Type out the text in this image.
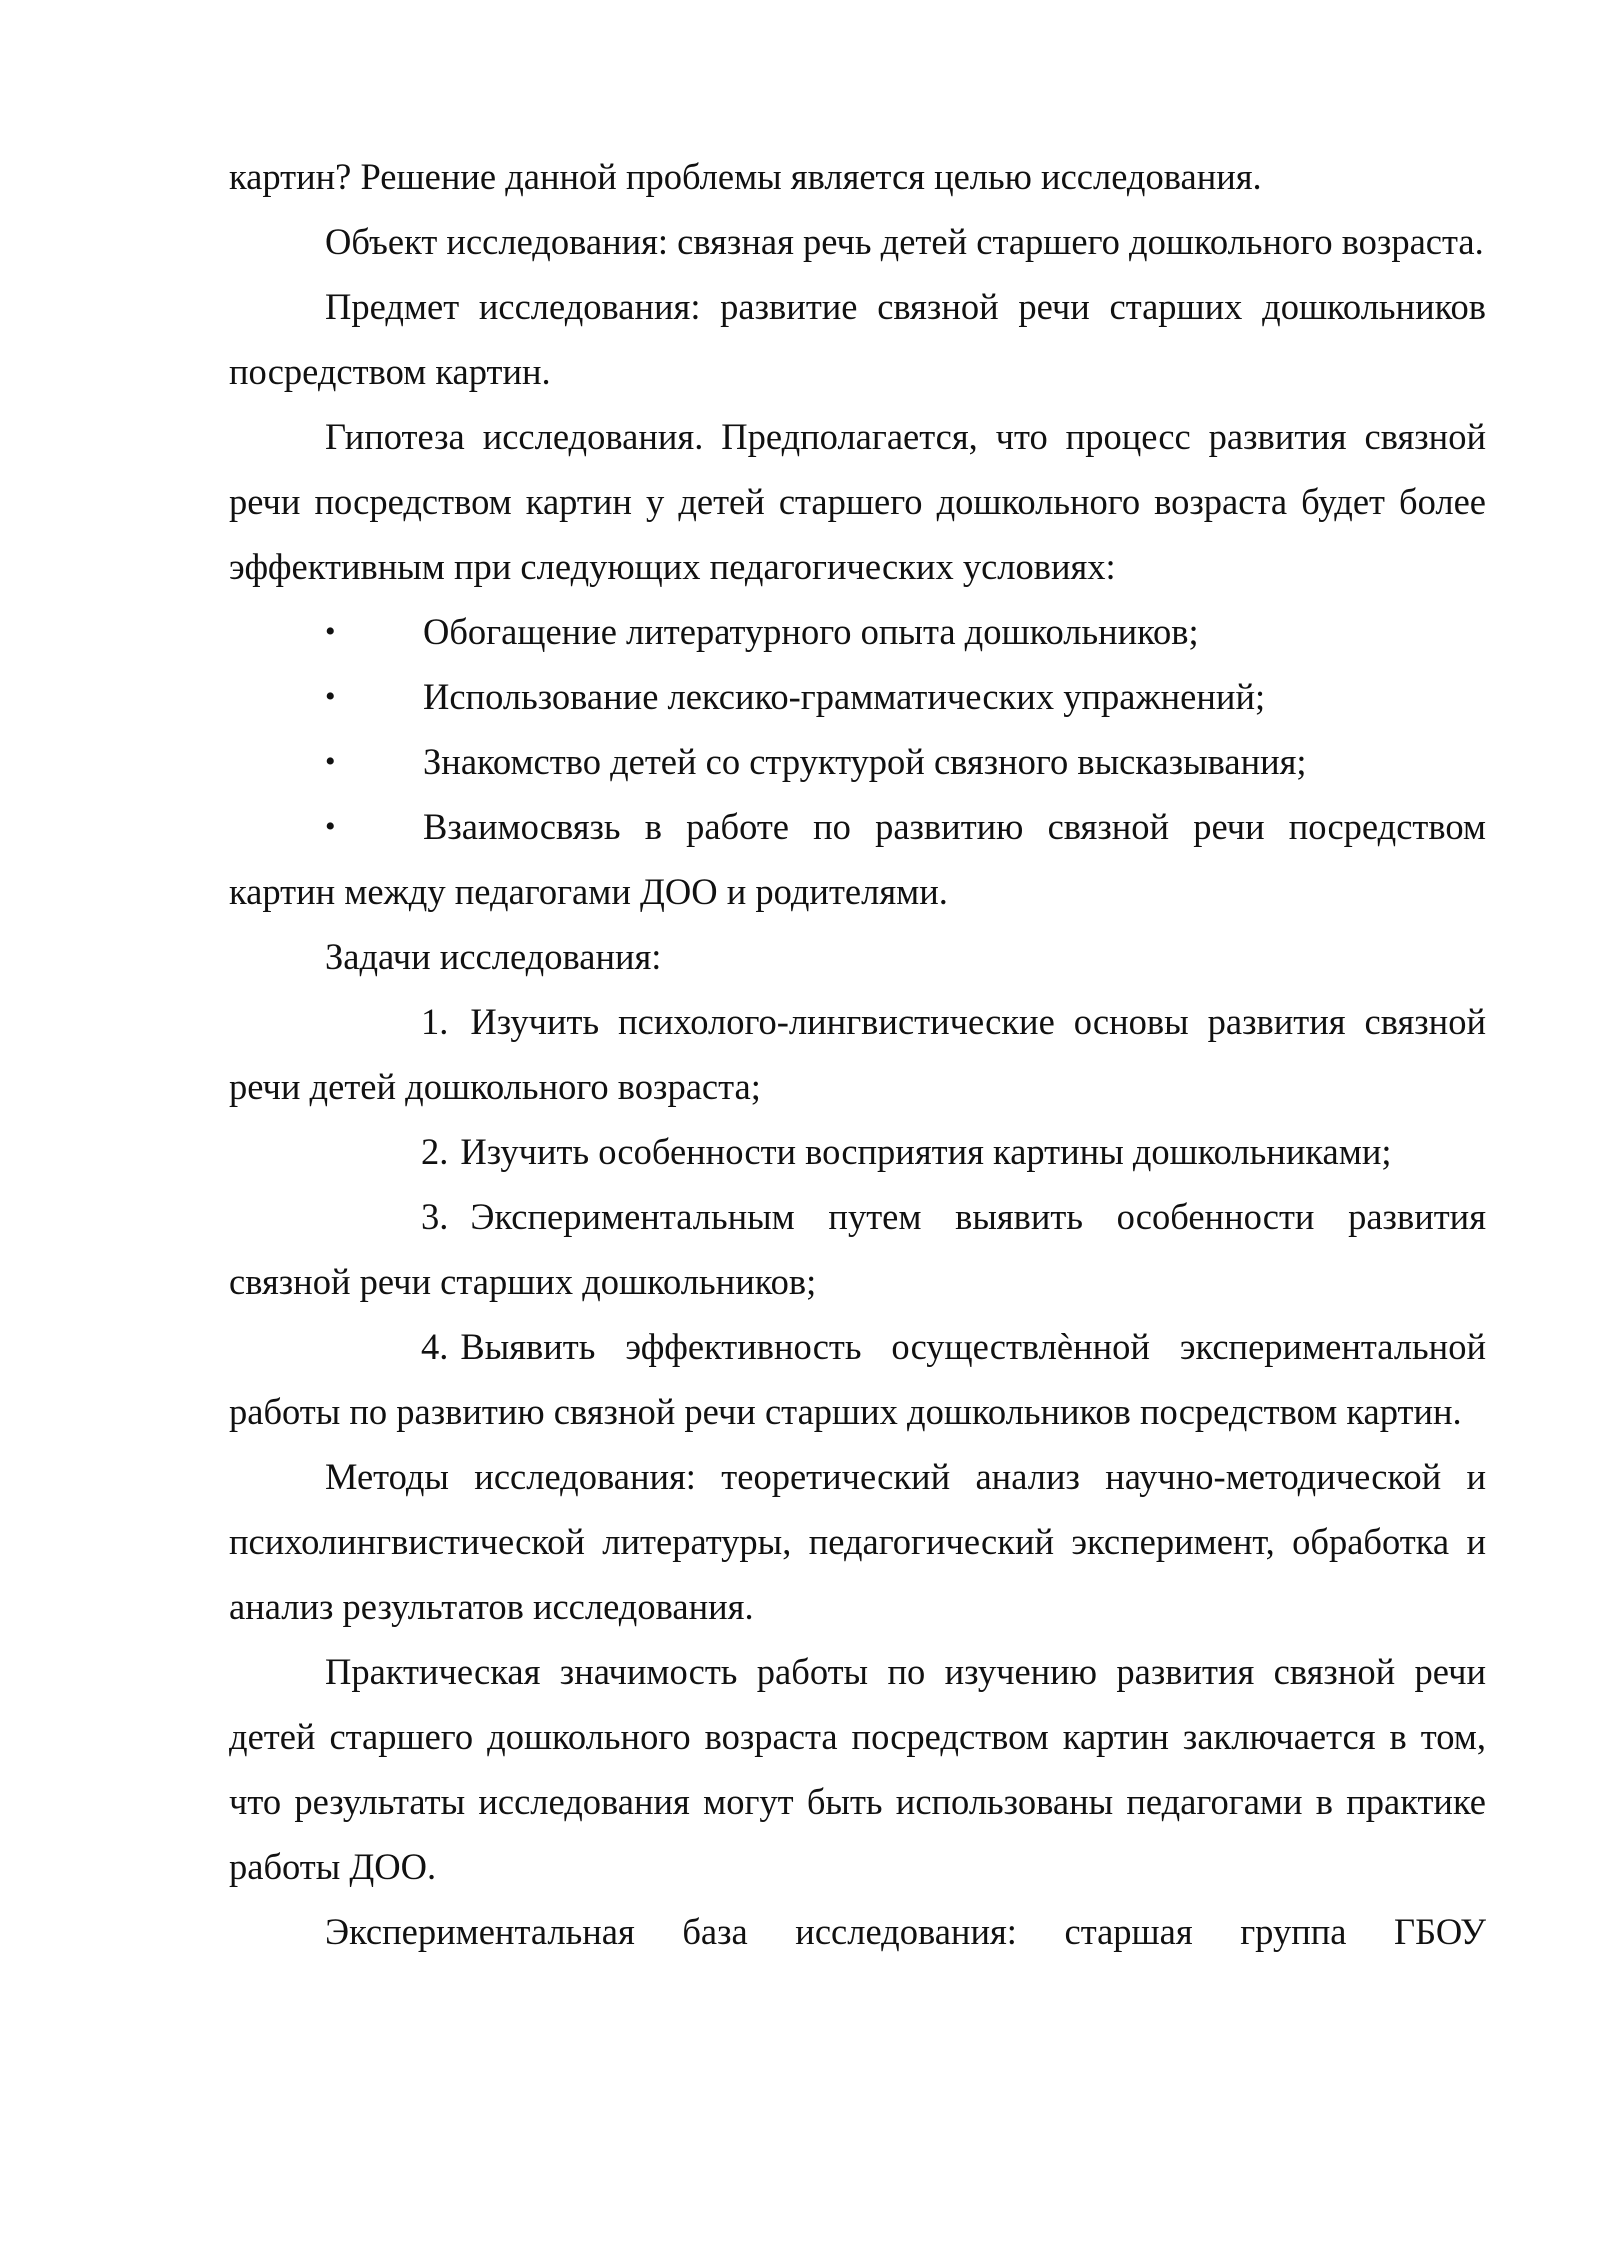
картин? Решение данной проблемы является целью исследования.

Объект исследования: связная речь детей старшего дошкольного возраста.

Предмет исследования: развитие связной речи старших дошкольников посредством картин.

Гипотеза исследования. Предполагается, что процесс развития связной речи посредством картин у детей старшего дошкольного возраста будет более эффективным при следующих педагогических условиях:

•	Обогащение литературного опыта дошкольников;

•	Использование лексико-грамматических упражнений;

•	Знакомство детей со структурой связного высказывания;

•	Взаимосвязь в работе по развитию связной речи посредством картин между педагогами ДОО и родителями.

Задачи исследования:

1. Изучить психолого-лингвистические основы развития связной речи детей дошкольного возраста;

2. Изучить особенности восприятия картины дошкольниками;

3. Экспериментальным путем выявить особенности развития связной речи старших дошкольников;

4. Выявить эффективность осуществлѐнной экспериментальной работы по развитию связной речи старших дошкольников посредством картин.

Методы исследования: теоретический анализ научно-методической и психолингвистической литературы, педагогический эксперимент, обработка и анализ результатов исследования.

Практическая значимость работы по изучению развития связной речи детей старшего дошкольного возраста посредством картин заключается в том, что результаты исследования могут быть использованы педагогами в практике работы ДОО.

Экспериментальная база исследования: старшая группа ГБОУ
